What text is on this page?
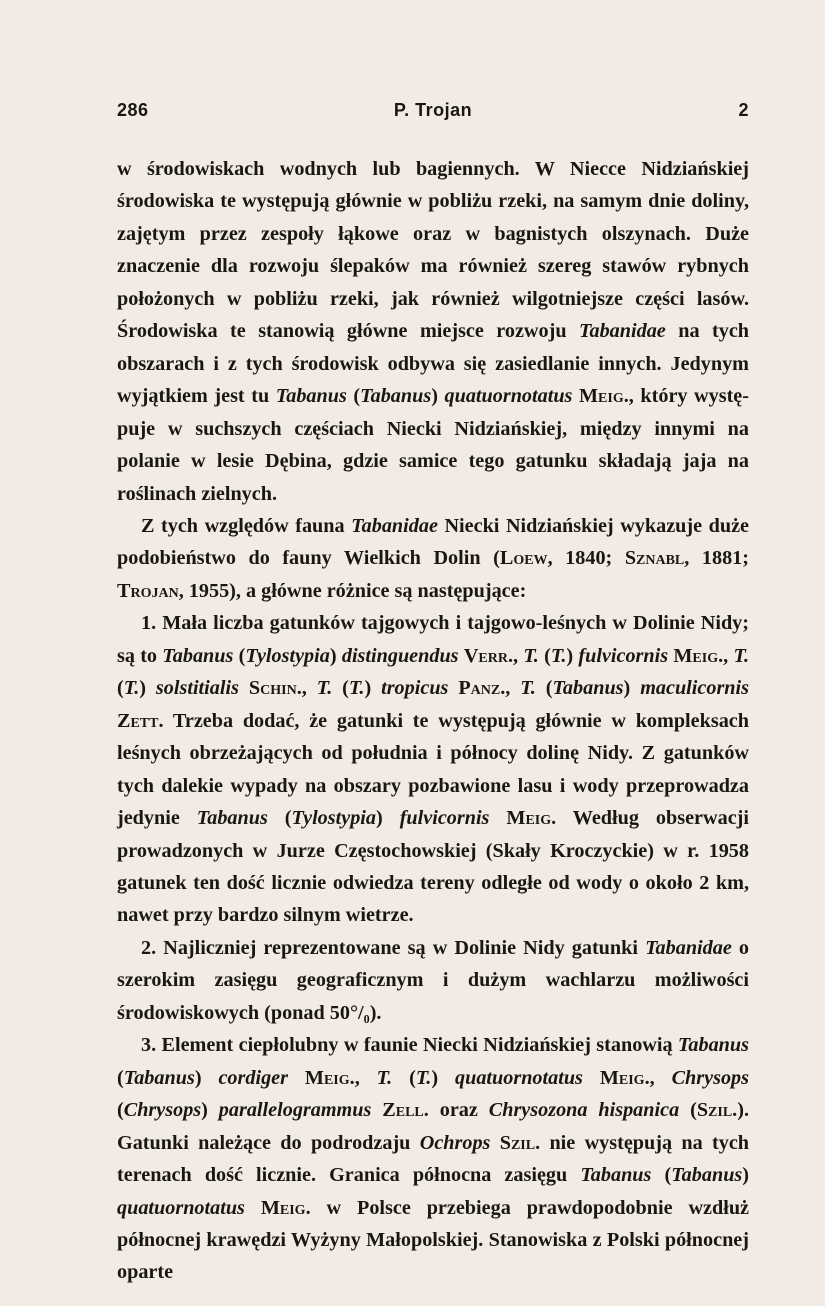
286	P. Trojan	2

w środowiskach wodnych lub bagiennych. W Niecce Nidziańskiej środowiska te występują głównie w pobliżu rzeki, na samym dnie doliny, zajętym przez zespoły łąkowe oraz w bagnistych olszynach. Duże znaczenie dla rozwoju ślepaków ma również szereg stawów rybnych położonych w pobliżu rzeki, jak również wilgotniejsze części lasów. Środowiska te stanowią główne miejsce rozwoju Tabanidae na tych obszarach i z tych środowisk odbywa się zasiedlanie innych. Jedynym wyjątkiem jest tu Tabanus (Tabanus) quatuornotatus Meig., który występuje w suchszych częściach Niecki Nidziańskiej, między innymi na polanie w lesie Dębina, gdzie samice tego gatunku składają jaja na roślinach zielnych.

Z tych względów fauna Tabanidae Niecki Nidziańskiej wykazuje duże podobieństwo do fauny Wielkich Dolin (Loew, 1840; Sznabl, 1881; Trojan, 1955), a główne różnice są następujące:

1. Mała liczba gatunków tajgowych i tajgowo-leśnych w Dolinie Nidy; są to Tabanus (Tylostypia) distinguendus Verr., T. (T.) fulvicornis Meig., T. (T.) solstitialis Schin., T. (T.) tropicus Panz., T. (Tabanus) maculicornis Zett. Trzeba dodać, że gatunki te występują głównie w kompleksach leśnych obrzeżających od południa i północy dolinę Nidy. Z gatunków tych dalekie wypady na obszary pozbawione lasu i wody przeprowadza jedynie Tabanus (Tylostypia) fulvicornis Meig. Według obserwacji prowadzonych w Jurze Częstochowskiej (Skały Kroczyckie) w r. 1958 gatunek ten dość licznie odwiedza tereny odległe od wody o około 2 km, nawet przy bardzo silnym wietrze.

2. Najliczniej reprezentowane są w Dolinie Nidy gatunki Tabanidae o szerokim zasięgu geograficznym i dużym wachlarzu możliwości środowiskowych (ponad 50°/₀).

3. Element ciepłolubny w faunie Niecki Nidziańskiej stanowią Tabanus (Tabanus) cordiger Meig., T. (T.) quatuornotatus Meig., Chrysops (Chrysops) parallelogrammus Zell. oraz Chrysozona hispanica (Szil.). Gatunki należące do podrodzaju Ochrops Szil. nie występują na tych terenach dość licznie. Granica północna zasięgu Tabanus (Tabanus) quatuornotatus Meig. w Polsce przebiega prawdopodobnie wzdłuż północnej krawędzi Wyżyny Małopolskiej. Stanowiska z Polski północnej oparte
